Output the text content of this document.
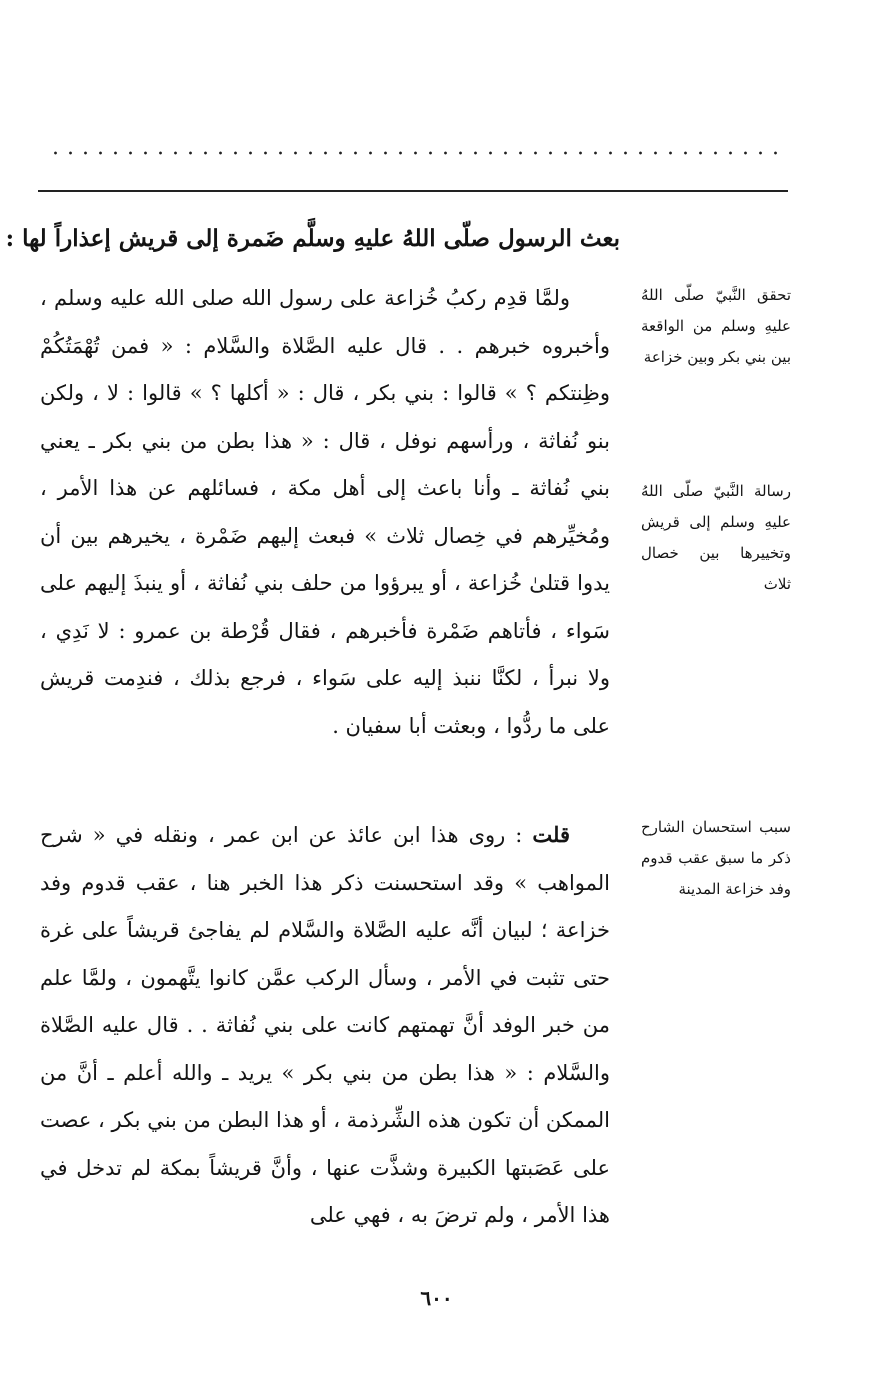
بعث الرسول صلّى اللهُ عليهِ وسلَّم ضَمرة إلى قريش إعذاراً لها :

ولمَّا قدِم ركبُ خُزاعة على رسول الله صلى الله عليه وسلم ، وأخبروه خبرهم . . قال عليه الصَّلاة والسَّلام : « فمن تُهْمَتُكُمْ وظِنتكم ؟ » قالوا : بني بكر ، قال : « أكلها ؟ » قالوا : لا ، ولكن بنو نُفاثة ، ورأسهم نوفل ، قال : « هذا بطن من بني بكر ـ يعني بني نُفاثة ـ وأنا باعث إلى أهل مكة ، فسائلهم عن هذا الأمر ، ومُخيِّرهم في خِصال ثلاث » فبعث إليهم ضَمْرة ، يخيرهم بين أن يدوا قتلىٰ خُزاعة ، أو يبرؤوا من حلف بني نُفاثة ، أو ينبذَ إليهم على سَواء ، فأتاهم ضَمْرة فأخبرهم ، فقال قُرْطة بن عمرو : لا نَدِي ، ولا نبرأ ، لكنَّا ننبذ إليه على سَواء ، فرجع بذلك ، فندِمت قريش على ما ردُّوا ، وبعثت أبا سفيان .

قلت : روى هذا ابن عائذ عن ابن عمر ، ونقله في « شرح المواهب » وقد استحسنت ذكر هذا الخبر هنا ، عقب قدوم وفد خزاعة ؛ لبيان أنَّه عليه الصَّلاة والسَّلام لم يفاجئ قريشاً على غرة حتى تثبت في الأمر ، وسأل الركب عمَّن كانوا يتَّهمون ، ولمَّا علم من خبر الوفد أنَّ تهمتهم كانت على بني نُفاثة . . قال عليه الصَّلاة والسَّلام : « هذا بطن من بني بكر » يريد ـ والله أعلم ـ أنَّ من الممكن أن تكون هذه الشِّرذمة ، أو هذا البطن من بني بكر ، عصت على عَصَبتها الكبيرة وشذَّت عنها ، وأنَّ قريشاً بمكة لم تدخل في هذا الأمر ، ولم ترضَ به ، فهي على

تحقق النَّبيّ صلّى اللهُ عليهِ وسلم من الواقعة بين بني بكر وبين خزاعة

رسالة النَّبيّ صلّى اللهُ عليهِ وسلم إلى قريش وتخييرها بين خصال ثلاث

سبب استحسان الشارح ذكر ما سبق عقب قدوم وفد خزاعة المدينة

٦٠٠
